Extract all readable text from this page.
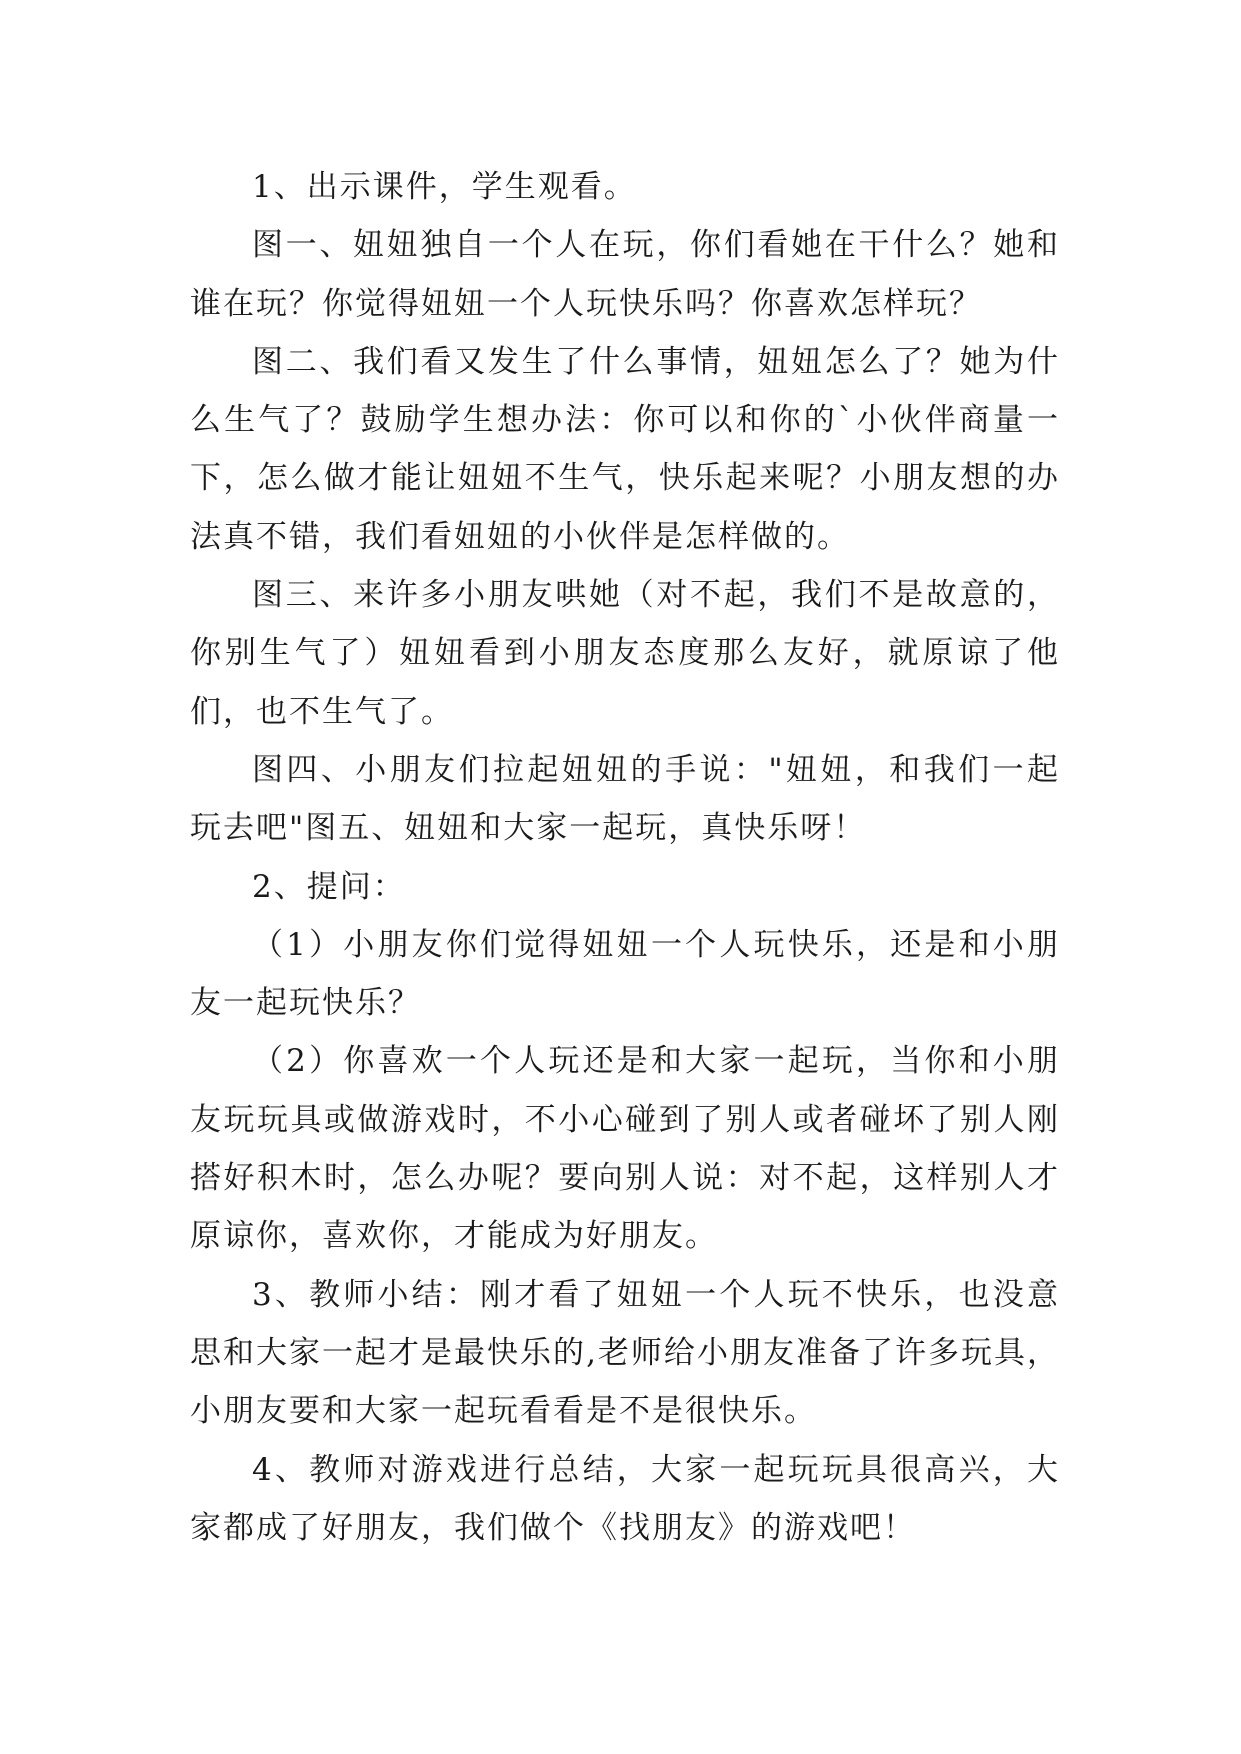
1、出示课件，学生观看。

图一、妞妞独自一个人在玩，你们看她在干什么？她和谁在玩？你觉得妞妞一个人玩快乐吗？你喜欢怎样玩？

图二、我们看又发生了什么事情，妞妞怎么了？她为什么生气了？鼓励学生想办法：你可以和你的`小伙伴商量一下，怎么做才能让妞妞不生气，快乐起来呢？小朋友想的办法真不错，我们看妞妞的小伙伴是怎样做的。

图三、来许多小朋友哄她（对不起，我们不是故意的，你别生气了）妞妞看到小朋友态度那么友好，就原谅了他们，也不生气了。

图四、小朋友们拉起妞妞的手说："妞妞，和我们一起玩去吧"图五、妞妞和大家一起玩，真快乐呀！

2、提问：

（1）小朋友你们觉得妞妞一个人玩快乐，还是和小朋友一起玩快乐？

（2）你喜欢一个人玩还是和大家一起玩，当你和小朋友玩玩具或做游戏时，不小心碰到了别人或者碰坏了别人刚搭好积木时，怎么办呢？要向别人说：对不起，这样别人才原谅你，喜欢你，才能成为好朋友。

3、教师小结：刚才看了妞妞一个人玩不快乐，也没意思和大家一起才是最快乐的,老师给小朋友准备了许多玩具，小朋友要和大家一起玩看看是不是很快乐。

4、教师对游戏进行总结，大家一起玩玩具很高兴，大家都成了好朋友，我们做个《找朋友》的游戏吧！
